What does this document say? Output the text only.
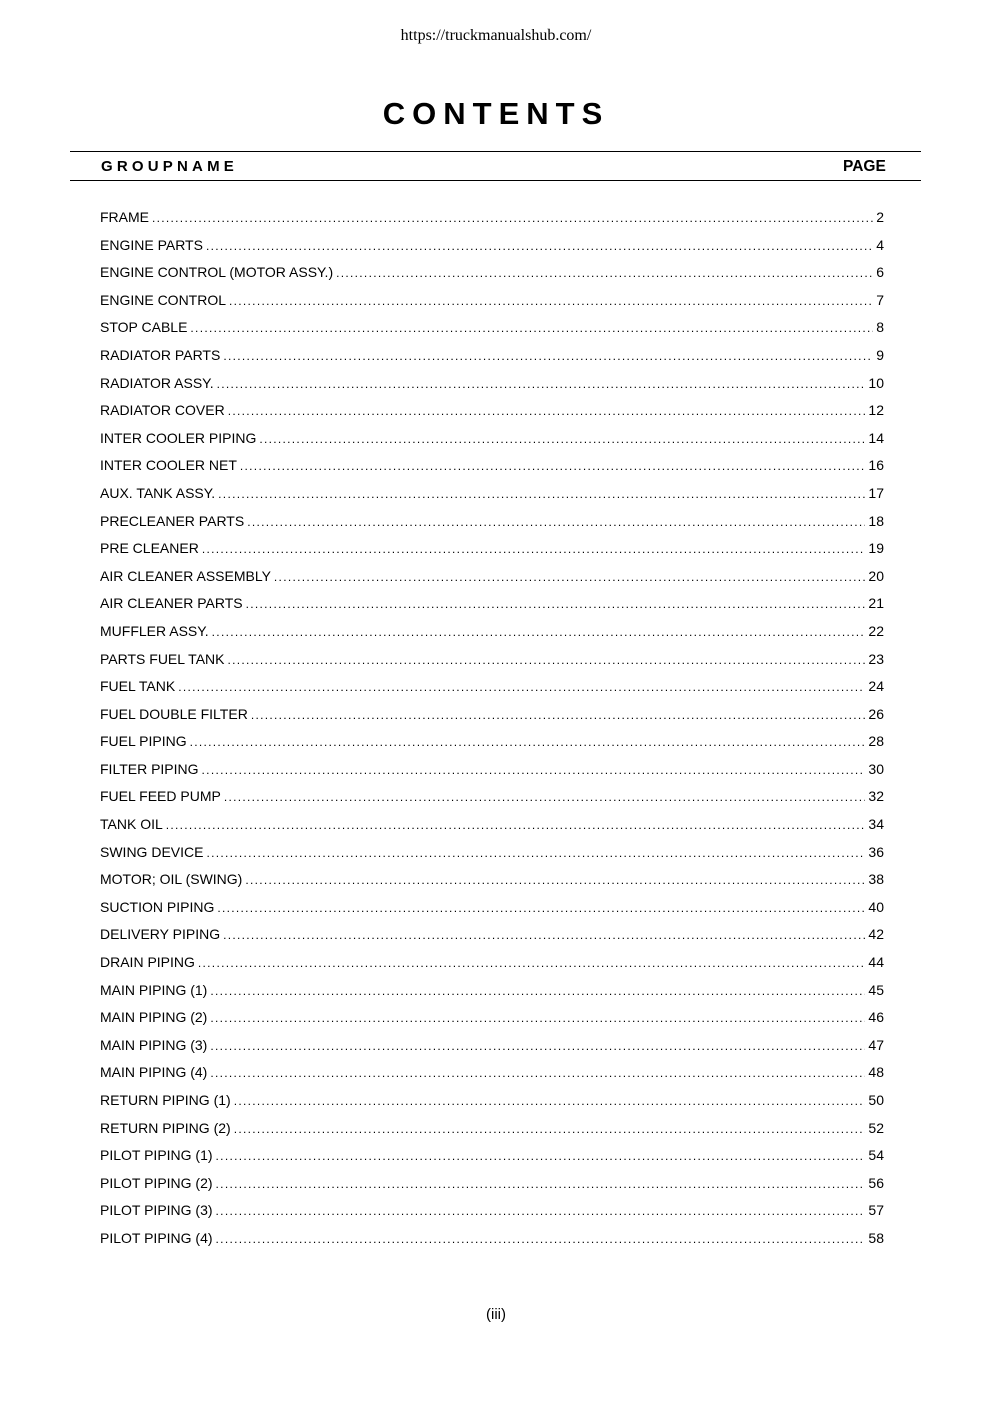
https://truckmanualshub.com/
CONTENTS
GROUPNAME	PAGE
FRAME .....	2
ENGINE PARTS .....	4
ENGINE CONTROL (MOTOR ASSY.) .....	6
ENGINE CONTROL .....	7
STOP CABLE .....	8
RADIATOR PARTS .....	9
RADIATOR ASSY. .....	10
RADIATOR COVER .....	12
INTER COOLER PIPING .....	14
INTER COOLER NET .....	16
AUX. TANK ASSY. .....	17
PRECLEANER PARTS .....	18
PRE CLEANER .....	19
AIR CLEANER ASSEMBLY .....	20
AIR CLEANER PARTS .....	21
MUFFLER ASSY. .....	22
PARTS FUEL TANK .....	23
FUEL TANK .....	24
FUEL DOUBLE FILTER .....	26
FUEL PIPING .....	28
FILTER PIPING .....	30
FUEL FEED PUMP .....	32
TANK OIL .....	34
SWING DEVICE .....	36
MOTOR; OIL (SWING) .....	38
SUCTION PIPING .....	40
DELIVERY PIPING .....	42
DRAIN PIPING .....	44
MAIN PIPING (1) .....	45
MAIN PIPING (2) .....	46
MAIN PIPING (3) .....	47
MAIN PIPING (4) .....	48
RETURN PIPING (1) .....	50
RETURN PIPING (2) .....	52
PILOT PIPING (1) .....	54
PILOT PIPING (2) .....	56
PILOT PIPING (3) .....	57
PILOT PIPING (4) .....	58
(iii)
